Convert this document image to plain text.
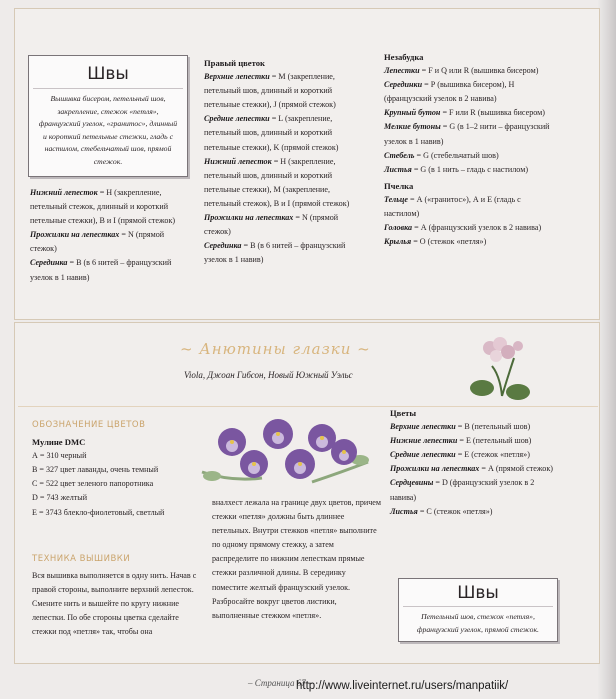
Швы
Вышивка бисером, петельный шов, закрепление, стежок «петля», французский узелок, «гранитос», длинный и короткий петельные стежки, гладь с настилом, стебельчатый шов, прямой стежок.

Нижний лепесток = Н (закрепление, петельный стежок, длинный и короткий петельные стежки), В и I (прямой стежок)

Прожилки на лепестках = N (прямой стежок)

Серединка = В (в 6 нитей – французский узелок в 1 навив)

Правый цветок

Верхние лепестки = М (закрепление, петельный шов, длинный и короткий петельные стежки), J (прямой стежок)

Средние лепестки = L (закрепление, петельный шов, длинный и короткий петельные стежки), K (прямой стежок)

Нижний лепесток = Н (закрепление, петельный шов, длинный и короткий петельные стежки), М (закрепление, петельный стежок), В и I (прямой стежок)

Прожилки на лепестках = N (прямой стежок)

Серединка = В (в 6 нитей – французский узелок в 1 навив)

Незабудка

Лепестки = F и Q или R (вышивка бисером)

Серединки = Р (вышивка бисером), Н (французский узелок в 2 навива)

Крупный бутон = F или R (вышивка бисером)

Мелкие бутоны = G (в 1–2 нити – французский узелок в 1 навив)

Стебель = G (стебельчатый шов)

Листья = G (в 1 нить – гладь с настилом)

Пчелка

Тельце = А («гранитос»), А и Е (гладь с настилом)

Головка = А (французский узелок в 2 навива)

Крылья = О (стежок «петля»)

~ Анютины глазки ~
Viola, Джоан Гибсон, Новый Южный Уэльс

ОБОЗНАЧЕНИЕ ЦВЕТОВ

Мулине DMC

А = 310 черный

В = 327 цвет лаванды, очень темный

С = 522 цвет зеленого папоротника

D = 743 желтый

Е = 3743 блекло-фиолетовый, светлый

ТЕХНИКА ВЫШИВКИ

Вся вышивка выполняется в одну нить. Начав с правой стороны, выполните верхний лепесток. Смените нить и вышейте по кругу нижние лепестки. По обе стороны цветка сделайте стежки под «петля» так, чтобы она

вналхест лежала на границе двух цветов, причем стежки «петля» должны быть длиннее петельных. Внутри стежков «петля» выполните по одному прямому стежку, а затем распределите по нижним лепесткам прямые стежки различной длины. В серединку поместите желтый французский узелок. Разбросайте вокруг цветов листики, выполненные стежком «петля».

Цветы

Верхние лепестки = В (петельный шов)

Нижние лепестки = Е (петельный шов)

Средние лепестки = Е (стежок «петля»)

Прожилки на лепестках = А (прямой стежок)

Сердцевины = D (французский узелок в 2 навива)

Листья = С (стежок «петля»)

Швы
Петельный шов, стежок «петля», французский узелок, прямой стежок.
– Страница 67 –
http://www.liveinternet.ru/users/manpatiik/
